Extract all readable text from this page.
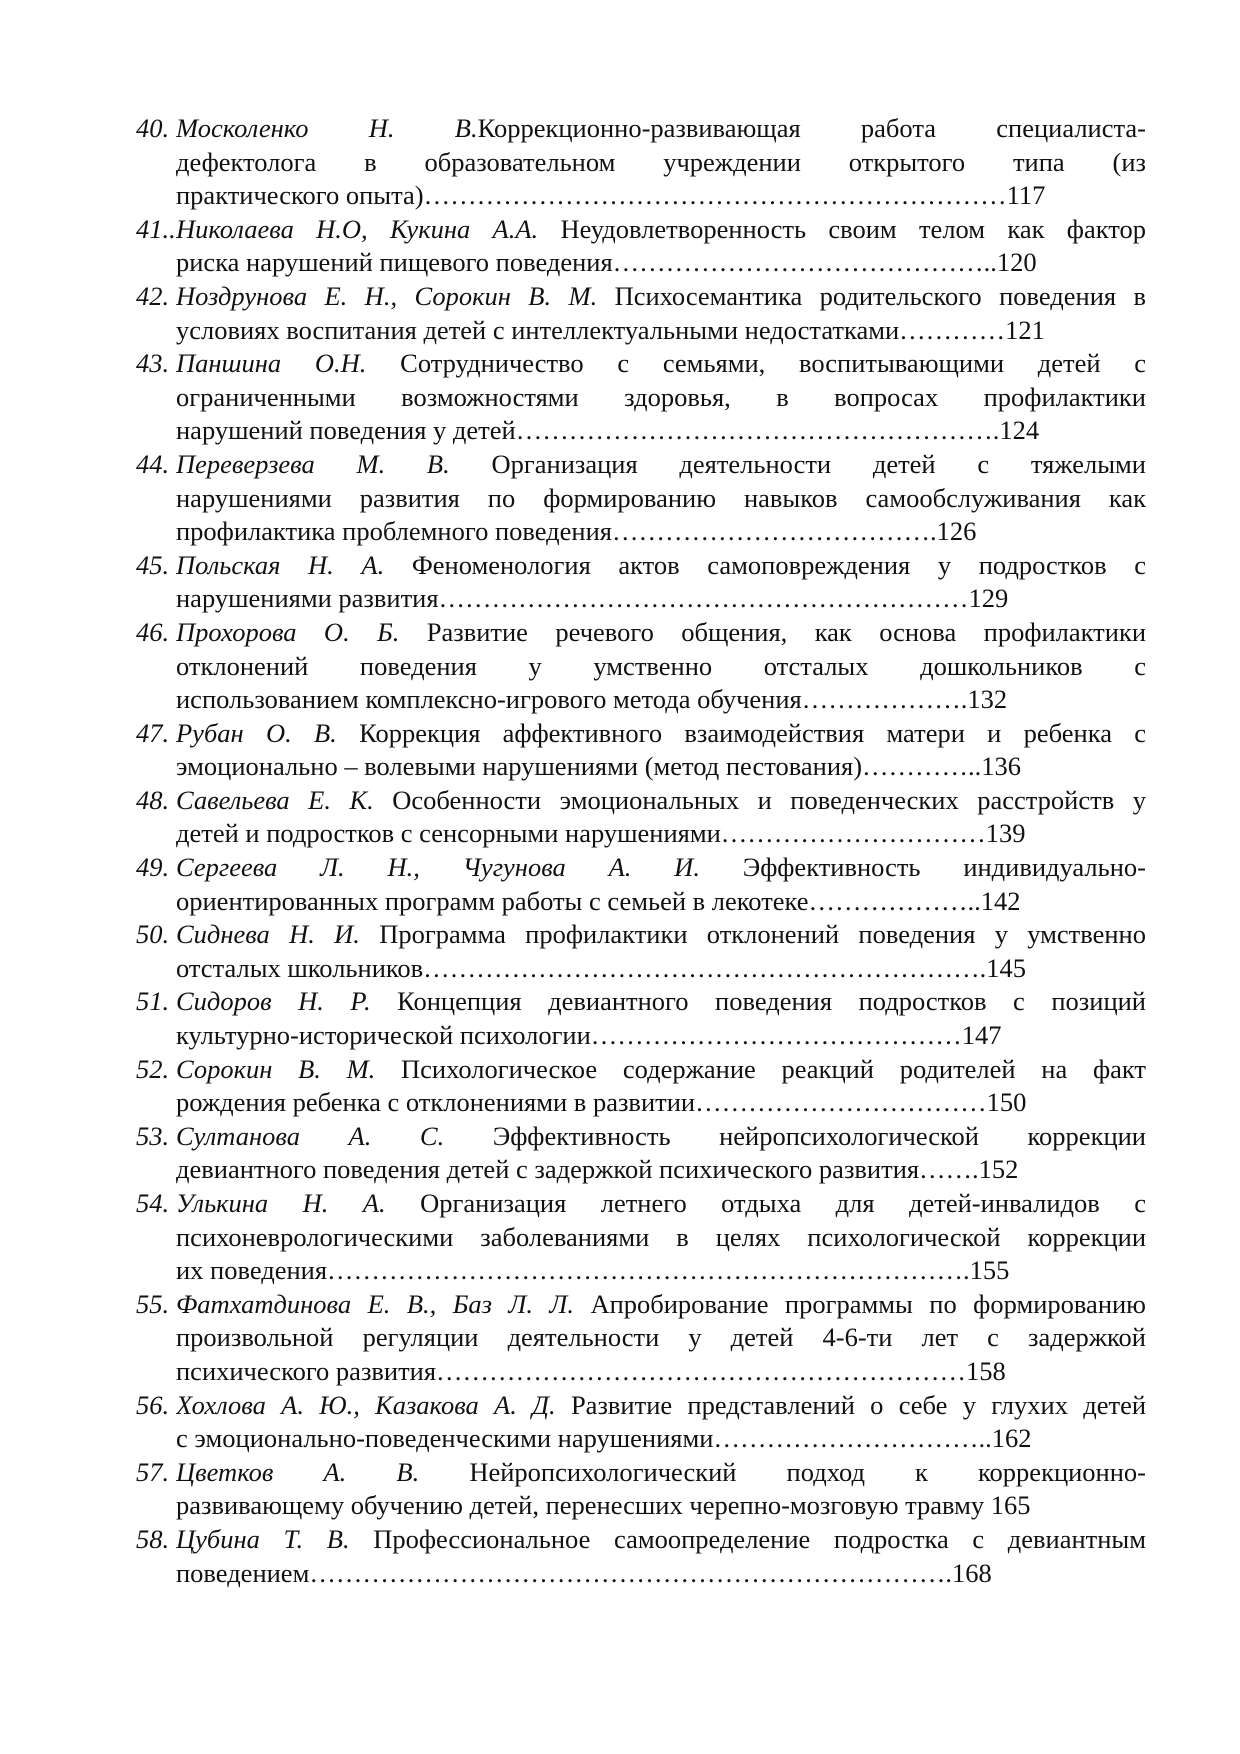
40. Москоленко Н. В.Коррекционно-развивающая работа специалиста-
дефектолога в образовательном учреждении открытого типа (из
практического опыта)…………………………………………………………117
41.. Николаева Н.О, Кукина А.А. Неудовлетворенность своим телом как фактор
риска нарушений пищевого поведения……………………………………..120
42. Ноздрунова Е. Н., Сорокин В. М. Психосемантика родительского поведения в
условиях воспитания детей с интеллектуальными недостатками…………121
43. Паншина О.Н. Сотрудничество с семьями, воспитывающими детей с
ограниченными возможностями здоровья, в вопросах профилактики
нарушений поведения у детей……………………………………………….124
44. Переверзева М. В. Организация деятельности детей с тяжелыми
нарушениями развития по формированию навыков самообслуживания как
профилактика проблемного поведения……………………………….126
45. Польская Н. А. Феноменология актов самоповреждения у подростков с
нарушениями развития……………………………………………………129
46. Прохорова О. Б. Развитие речевого общения, как основа профилактики
отклонений поведения у умственно отсталых дошкольников с
использованием комплексно-игрового метода обучения……………….132
47. Рубан О. В. Коррекция аффективного взаимодействия матери и ребенка с
эмоционально – волевыми нарушениями (метод пестования)…………..136
48. Савельева Е. К. Особенности эмоциональных и поведенческих расстройств у
детей и подростков с сенсорными нарушениями…………………………139
49. Сергеева Л. Н., Чугунова А. И. Эффективность индивидуально-
ориентированных программ работы с семьей в лекотеке………………..142
50. Сиднева Н. И. Программа профилактики отклонений поведения у умственно
отсталых школьников……………………………………………………….145
51. Сидоров Н. Р. Концепция девиантного поведения подростков с позиций
культурно-исторической психологии……………………………………147
52. Сорокин В. М. Психологическое содержание реакций родителей на факт
рождения ребенка с отклонениями в развитии……………………………150
53. Султанова А. С. Эффективность нейропсихологической коррекции
девиантного поведения детей с задержкой психического развития…….152
54. Улькина Н. А. Организация летнего отдыха для детей-инвалидов с
психоневрологическими заболеваниями в целях психологической коррекции
их поведения……………………………………………………………….155
55. Фатхатдинова Е. В., Баз Л. Л. Апробирование программы по формированию
произвольной регуляции деятельности у детей 4-6-ти лет с задержкой
психического развития……………………………………………………158
56. Хохлова А. Ю., Казакова А. Д. Развитие представлений о себе у глухих детей
с эмоционально-поведенческими нарушениями…………………………..162
57. Цветков А. В. Нейропсихологический подход к коррекционно-
развивающему обучению детей, перенесших черепно-мозговую травму 165
58. Цубина Т. В. Профессиональное самоопределение подростка с девиантным
поведением……………………………………………………………….168
